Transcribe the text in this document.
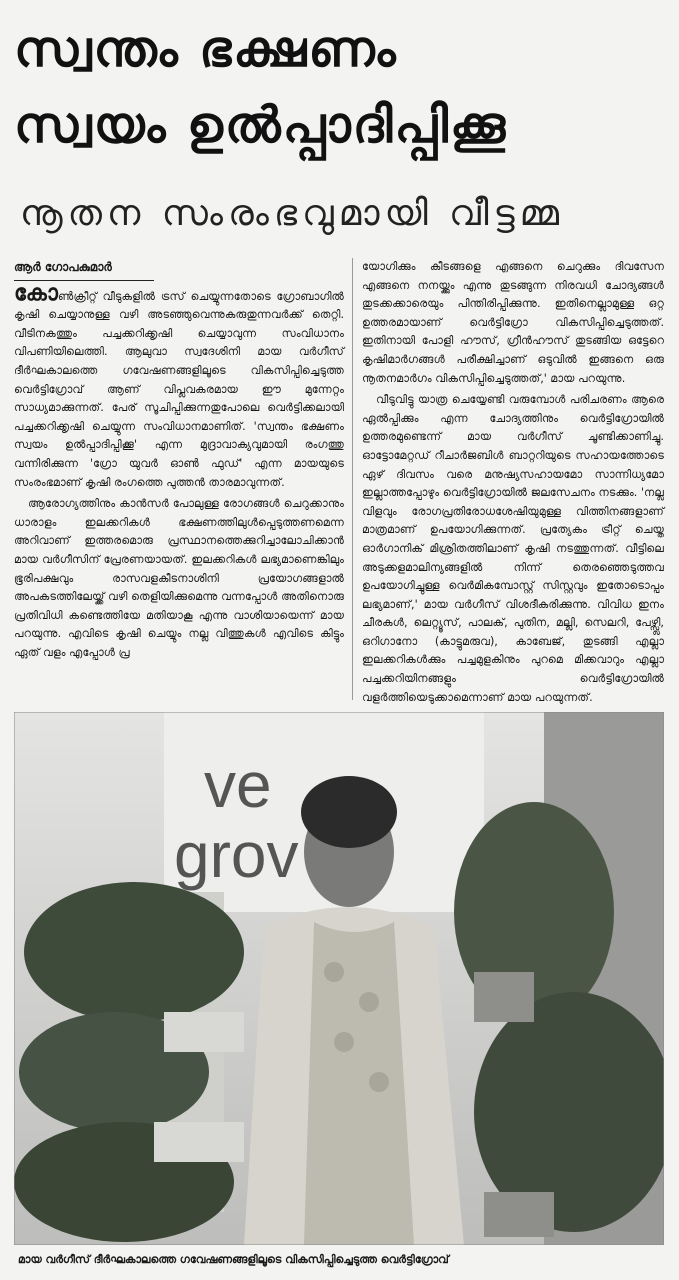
സ്വന്തം ഭക്ഷണം
സ്വയം ഉൽപ്പാദിപ്പിക്കൂ
നൂതന സംരംഭവുമായി വീട്ടമ്മ
ആർ ഗോപകുമാർ

കോൺക്രീറ്റ് വീടുകളിൽ ട്രസ് ചെയ്യുന്നതോടെ ഗ്രോബാഗിൽ കൃഷി ചെയ്യാനുള്ള വഴി അടഞ്ഞുവെന്നുകരുതുന്നവർക്ക് തെറ്റി. വീടിനകത്തും പച്ചക്കറിക്കൃഷി ചെയ്യാവുന്ന സംവിധാനം വിപണിയിലെത്തി. ആലുവാ സ്വദേശിനി മായ വർഗീസ് ദീർഘകാലത്തെ ഗവേഷണങ്ങളിലൂടെ വികസിപ്പിച്ചെടുത്ത വെർട്ടിഗ്രോവ് ആണ് വിപ്ലവകരമായ ഈ മുന്നേറ്റം സാധ്യമാക്കുന്നത്. പേര് സൂചിപ്പിക്കുന്നതുപോലെ വെർട്ടിക്കലായി പച്ചക്കറിക്കൃഷി ചെയ്യുന്ന സംവിധാനമാണിത്. 'സ്വന്തം ഭക്ഷണം സ്വയം ഉൽപ്പാദിപ്പിക്കൂ' എന്ന മുദ്രാവാക്യവുമായി രംഗത്തു വന്നിരിക്കുന്ന 'ഗ്രോ യുവർ ഓൺ ഫുഡ്' എന്ന മായയുടെ സംരംഭമാണ് കൃഷി രംഗത്തെ പുത്തൻ താരമാവുന്നത്.

ആരോഗ്യത്തിനും കാൻസർ പോലുള്ള രോഗങ്ങൾ ചെറുക്കാനും ധാരാളം ഇലക്കറികൾ ഭക്ഷണത്തിലുൾപ്പെടുത്തണമെന്ന അറിവാണ് ഇത്തരമൊരു പ്രസ്ഥാനത്തെക്കുറിച്ചാലോചിക്കാൻ മായ വർഗീസിന് പ്രേരണയായത്. ഇലക്കറികൾ ലഭ്യമാണെങ്കിലും ഭൂരിപക്ഷവും രാസവളകീടനാശിനി പ്രയോഗങ്ങളാൽ അപകടത്തിലേയ്ക്ക് വഴി തെളിയിക്കുമെന്നു വന്നപ്പോൾ അതിനൊരു പ്രതിവിധി കണ്ടെത്തിയേ മതിയാകൂ എന്നു വാശിയായെന്ന് മായ പറയുന്നു. എവിടെ കൃഷി ചെയ്യും നല്ല വിത്തുകൾ എവിടെ കിട്ടും ഏത് വളം എപ്പോൾ പ്ര

യോഗിക്കും കീടങ്ങളെ എങ്ങനെ ചെറുക്കും ദിവസേന എങ്ങനെ നനയ്ക്കും എന്നു തുടങ്ങുന്ന നിരവധി ചോദ്യങ്ങൾ തുടക്കക്കാരെയും പിന്തിരിപ്പിക്കുന്നു. ഇതിനെല്ലാമുള്ള ഒറ്റ ഉത്തരമായാണ് വെർട്ടിഗ്രോ വികസിപ്പിച്ചെടുത്തത്. ഇതിനായി പോളി ഹൗസ്, ഗ്രീൻഹൗസ് തുടങ്ങിയ ഒട്ടേറെ കൃഷിമാർഗങ്ങൾ പരീക്ഷിച്ചാണ് ഒടുവിൽ ഇങ്ങനെ ഒരു നൂതനമാർഗം വികസിപ്പിച്ചെടുത്തത്,' മായ പറയുന്നു.

വീടുവിട്ടു യാത്ര ചെയ്യേണ്ടി വരുമ്പോൾ പരിചരണം ആരെ ഏൽപ്പിക്കും എന്ന ചോദ്യത്തിനും വെർട്ടിഗ്രോയിൽ ഉത്തരമുണ്ടെന്ന് മായ വർഗീസ് ചൂണ്ടിക്കാണിച്ചു. ഓട്ടോമേറ്റഡ് റീചാർജബിൾ ബാറ്ററിയുടെ സഹായത്തോടെ ഏഴ് ദിവസം വരെ മനുഷ്യസഹായമോ സാന്നിധ്യമോ ഇല്ലാത്തപ്പോഴും വെർട്ടിഗ്രോയിൽ ജലസേചനം നടക്കും. 'നല്ല വിളവും രോഗപ്രതിരോധശേഷിയുമുള്ള വിത്തിനങ്ങളാണ് മാത്രമാണ് ഉപയോഗിക്കുന്നത്. പ്രത്യേകം ട്രീറ്റ് ചെയ്ത ഓർഗാനിക് മിശ്രിതത്തിലാണ് കൃഷി നടത്തുന്നത്. വീട്ടിലെ അടുക്കളമാലിന്യങ്ങളിൽ നിന്ന് തെരഞ്ഞെടുത്തവ ഉപയോഗിച്ചുള്ള വെർമികമ്പോസ്റ്റ് സിസ്റ്റവും ഇതോടൊപ്പം ലഭ്യമാണ്,' മായ വർഗീസ് വിശദീകരിക്കുന്നു. വിവിധ ഇനം ചീരകൾ, ലെറ്റ്യൂസ്, പാലക്, പുതിന, മല്ലി, സെലറി, പേഴ്സ്ലി, ഒറിഗാനോ (കാട്ടുമരുവ), കാബേജ്, തുടങ്ങി എല്ലാ ഇലക്കറികൾക്കും പച്ചമുളകിനും പുറമെ മിക്കവാറും എല്ലാ പച്ചക്കറിയിനങ്ങളും വെർട്ടിഗ്രോയിൽ വളർത്തിയെടുക്കാമെന്നാണ് മായ പറയുന്നത്.

ve
grov
മായ വർഗീസ് ദീർഘകാലത്തെ ഗവേഷണങ്ങളിലൂടെ വികസിപ്പിച്ചെടുത്ത വെർട്ടിഗ്രോവ്
